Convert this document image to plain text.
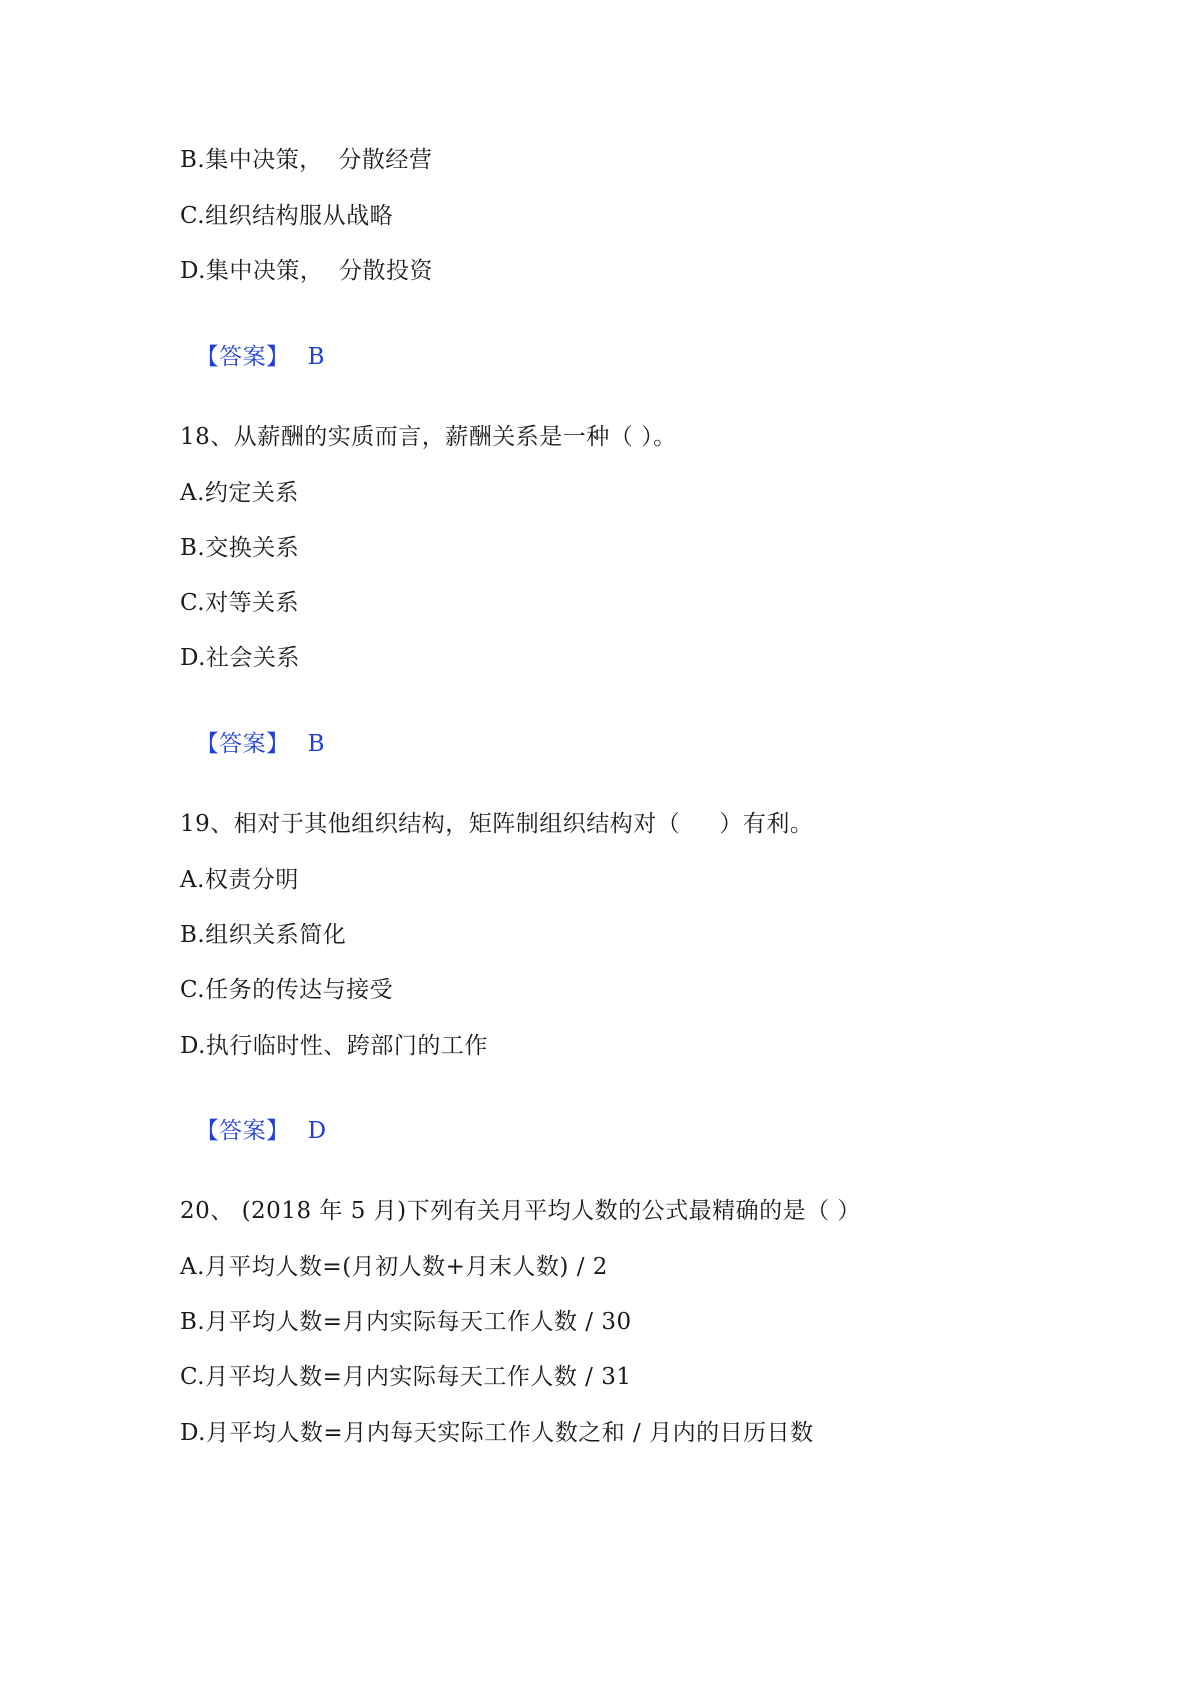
B.集中决策，  分散经营
C.组织结构服从战略
D.集中决策，  分散投资

【答案】 B

18、从薪酬的实质而言，薪酬关系是一种（ ）。
A.约定关系
B.交换关系
C.对等关系
D.社会关系

【答案】 B

19、相对于其他组织结构，矩阵制组织结构对（     ）有利。
A.权责分明
B.组织关系简化
C.任务的传达与接受
D.执行临时性、跨部门的工作

【答案】 D

20、 (2018 年 5 月)下列有关月平均人数的公式最精确的是（ ）
A.月平均人数=(月初人数+月末人数) / 2
B.月平均人数=月内实际每天工作人数 / 30
C.月平均人数=月内实际每天工作人数 / 31
D.月平均人数=月内每天实际工作人数之和 / 月内的日历日数
